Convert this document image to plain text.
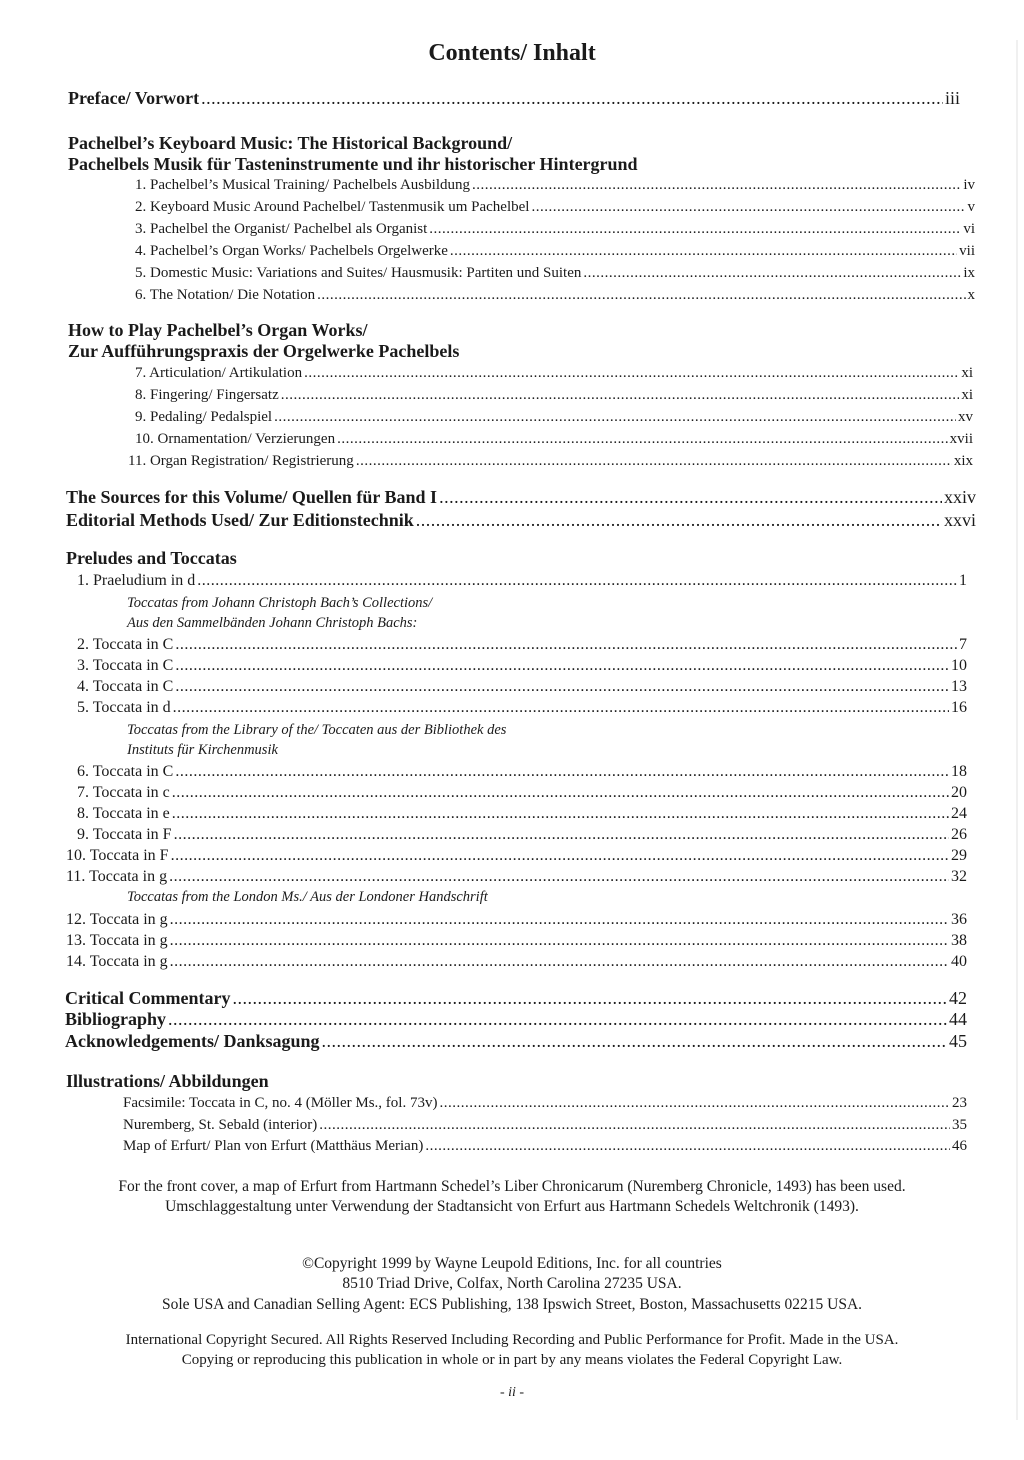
Contents/ Inhalt
Preface/ Vorwort .....	iii
Pachelbel’s Keyboard Music: The Historical Background/
Pachelbels Musik für Tasteninstrumente und ihr historischer Hintergrund
1. Pachelbel’s Musical Training/ Pachelbels Ausbildung .....	iv
2. Keyboard Music Around Pachelbel/ Tastenmusik um Pachelbel .....	v
3. Pachelbel the Organist/ Pachelbel als Organist .....	vi
4. Pachelbel’s Organ Works/ Pachelbels Orgelwerke .....	vii
5. Domestic Music: Variations and Suites/ Hausmusik: Partiten und Suiten .....	ix
6. The Notation/ Die Notation .....	x
How to Play Pachelbel’s Organ Works/
Zur Aufführungspraxis der Orgelwerke Pachelbels
7. Articulation/ Artikulation .....	xi
8. Fingering/ Fingersatz .....	xi
9. Pedaling/ Pedalspiel .....	xv
10. Ornamentation/ Verzierungen .....	xvii
11. Organ Registration/ Registrierung .....	xix
The Sources for this Volume/ Quellen für Band I .....	xxiv
Editorial Methods Used/ Zur Editionstechnik .....	xxvi
Preludes and Toccatas
1. Praeludium in d .....	1
Toccatas from Johann Christoph Bach’s Collections/
Aus den Sammelbänden Johann Christoph Bachs:
2. Toccata in C .....	7
3. Toccata in C .....	10
4. Toccata in C .....	13
5. Toccata in d .....	16
Toccatas from the Library of the/ Toccaten aus der Bibliothek des
Instituts für Kirchenmusik
6. Toccata in C .....	18
7. Toccata in c .....	20
8. Toccata in e .....	24
9. Toccata in F .....	26
10. Toccata in F .....	29
11. Toccata in g .....	32
Toccatas from the London Ms./ Aus der Londoner Handschrift
12. Toccata in g .....	36
13. Toccata in g .....	38
14. Toccata in g .....	40
Critical Commentary .....	42
Bibliography .....	44
Acknowledgements/ Danksagung .....	45
Illustrations/ Abbildungen
Facsimile: Toccata in C, no. 4 (Möller Ms., fol. 73v) .....	23
Nuremberg, St. Sebald (interior) .....	35
Map of Erfurt/ Plan von Erfurt (Matthäus Merian) .....	46
For the front cover, a map of Erfurt from Hartmann Schedel’s Liber Chronicarum (Nuremberg Chronicle, 1493) has been used.
Umschlaggestaltung unter Verwendung der Stadtansicht von Erfurt aus Hartmann Schedels Weltchronik (1493).
©Copyright 1999 by Wayne Leupold Editions, Inc. for all countries
8510 Triad Drive, Colfax, North Carolina 27235 USA.
Sole USA and Canadian Selling Agent: ECS Publishing, 138 Ipswich Street, Boston, Massachusetts 02215 USA.
International Copyright Secured. All Rights Reserved Including Recording and Public Performance for Profit. Made in the USA.
Copying or reproducing this publication in whole or in part by any means violates the Federal Copyright Law.
- ii -
